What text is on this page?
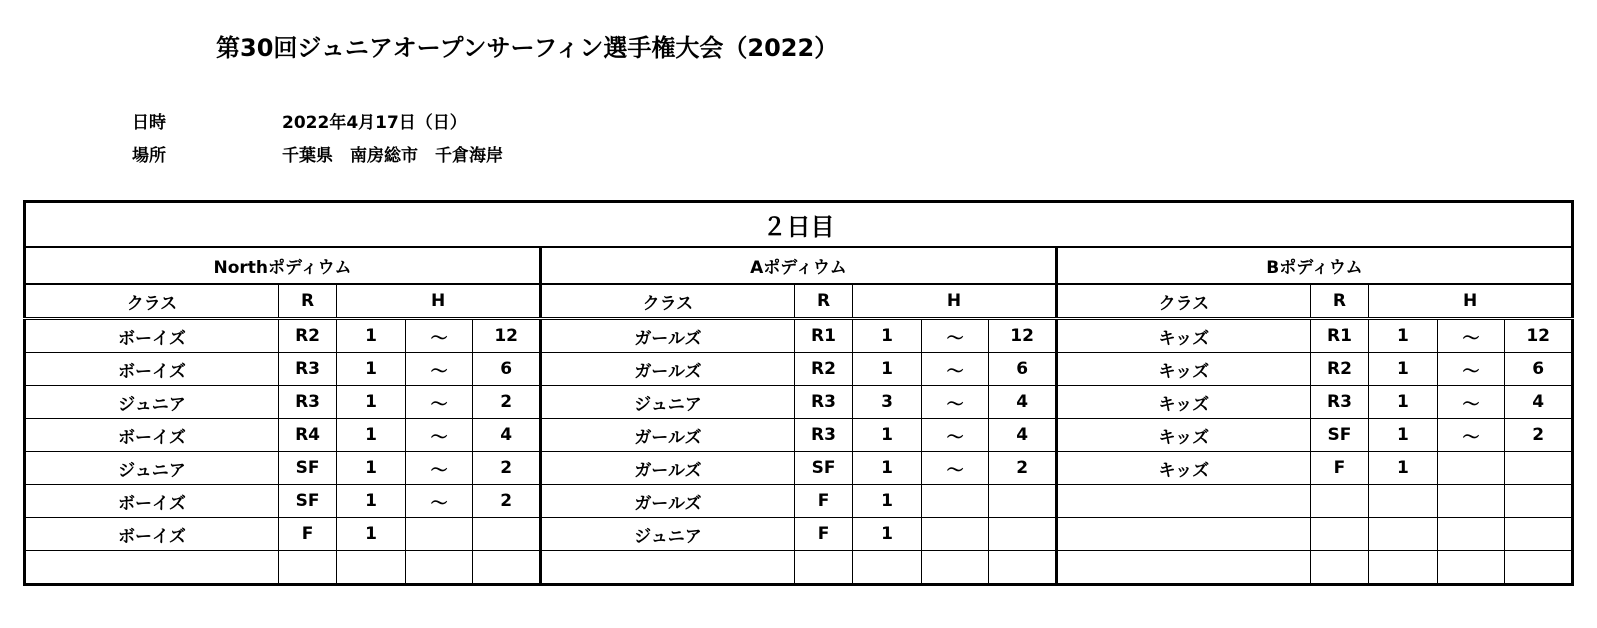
第30回ジュニアオープンサーフィン選手権大会（2022）
日時	2022年4月17日（日）
場所	千葉県　南房総市　千倉海岸
２日目														
Northポディウム					Aポディウム					Bポディウム				
クラス	R	H			クラス	R	H			クラス	R	H		
ボーイズ	R2	1	〜	12	ガールズ	R1	1	〜	12	キッズ	R1	1	〜	12
ボーイズ	R3	1	〜	6	ガールズ	R2	1	〜	6	キッズ	R2	1	〜	6
ジュニア	R3	1	〜	2	ジュニア	R3	3	〜	4	キッズ	R3	1	〜	4
ボーイズ	R4	1	〜	4	ガールズ	R3	1	〜	4	キッズ	SF	1	〜	2
ジュニア	SF	1	〜	2	ガールズ	SF	1	〜	2	キッズ	F	1		
ボーイズ	SF	1	〜	2	ガールズ	F	1							
ボーイズ	F	1			ジュニア	F	1							
